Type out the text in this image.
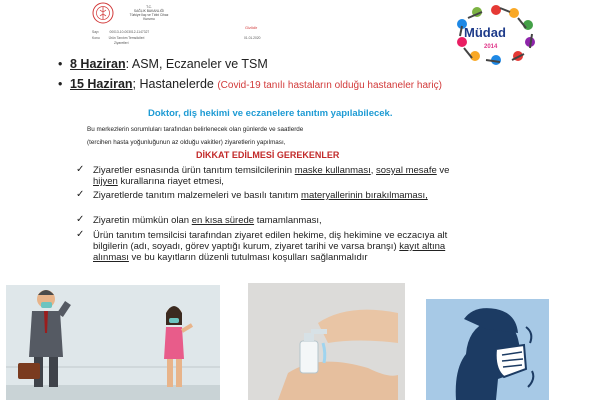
T.C.
SAĞLIK BAKANLIĞI
Türkiye İlaç ve Tıbbi Cihaz Kurumu
Gizlidir
Sayı	00013-10-003012-1147327
Konu	Ürün Tanıtım Temsilcileri
Ziyaretleri
01.01.2020	Müdad
2014
• 8 Haziran: ASM, Eczaneler ve TSM
• 15 Haziran; Hastanelerde (Covid-19 tanılı hastaların olduğu hastaneler hariç)
Doktor, diş hekimi ve eczanelere tanıtım yapılabilecek.
Bu merkezlerin sorumluları tarafından belirlenecek olan günlerde ve saatlerde
(tercihen hasta yoğunluğunun az olduğu vakitler) ziyaretlerin yapılması,
DİKKAT EDİLMESİ GEREKENLER
✓ Ziyaretler esnasında ürün tanıtım temsilcilerinin maske kullanması, sosyal mesafe ve hijyen kurallarına riayet etmesi,
✓ Ziyaretlerde tanıtım malzemeleri ve basılı tanıtım materyallerinin bırakılmaması,
✓ Ziyaretin mümkün olan en kısa sürede tamamlanması,
✓ Ürün tanıtım temsilcisi tarafından ziyaret edilen hekime, diş hekimine ve eczacıya alt bilgilerin (adı, soyadı, görev yaptığı kurum, ziyaret tarihi ve varsa branşı) kayıt altına alınması ve bu kayıtların düzenli tutulması koşulları sağlanmalıdır
